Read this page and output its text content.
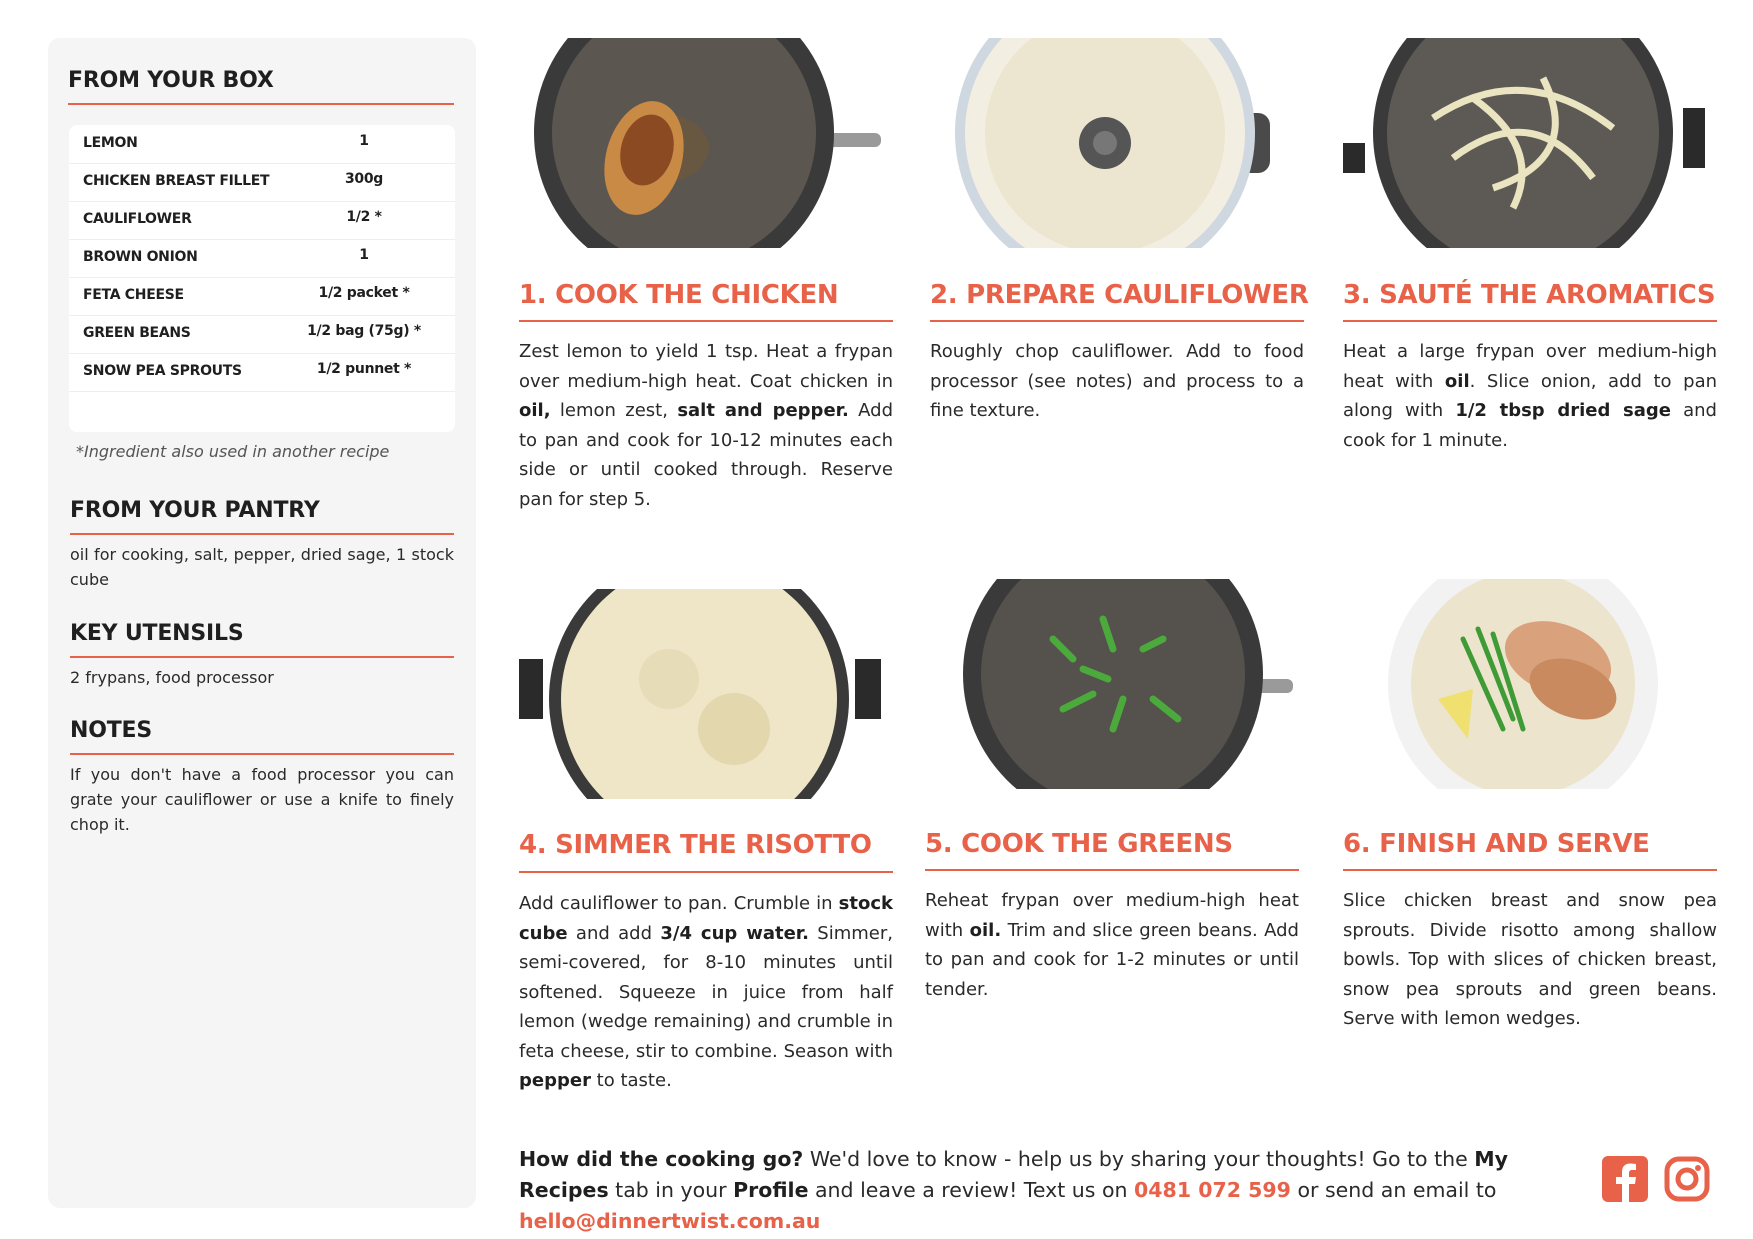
FROM YOUR BOX
LEMON	1
CHICKEN BREAST FILLET	300g
CAULIFLOWER	1/2 *
BROWN ONION	1
FETA CHEESE	1/2 packet *
GREEN BEANS	1/2 bag (75g) *
SNOW PEA SPROUTS	1/2 punnet *
*Ingredient also used in another recipe
FROM YOUR PANTRY
oil for cooking, salt, pepper, dried sage, 1 stock cube
KEY UTENSILS
2 frypans, food processor
NOTES
If you don't have a food processor you can grate your cauliflower or use a knife to finely chop it.
1. COOK THE CHICKEN

Zest lemon to yield 1 tsp. Heat a frypan over medium-high heat. Coat chicken in oil, lemon zest, salt and pepper. Add to pan and cook for 10-12 minutes each side or until cooked through. Reserve pan for step 5.

2. PREPARE CAULIFLOWER

Roughly chop cauliflower. Add to food processor (see notes) and process to a fine texture.

3. SAUTÉ THE AROMATICS

Heat a large frypan over medium-high heat with oil. Slice onion, add to pan along with 1/2 tbsp dried sage and cook for 1 minute.

4. SIMMER THE RISOTTO

Add cauliflower to pan. Crumble in stock cube and add 3/4 cup water. Simmer, semi-covered, for 8-10 minutes until softened. Squeeze in juice from half lemon (wedge remaining) and crumble in feta cheese, stir to combine. Season with pepper to taste.

5. COOK THE GREENS

Reheat frypan over medium-high heat with oil. Trim and slice green beans. Add to pan and cook for 1-2 minutes or until tender.

6. FINISH AND SERVE

Slice chicken breast and snow pea sprouts. Divide risotto among shallow bowls. Top with slices of chicken breast, snow pea sprouts and green beans. Serve with lemon wedges.

How did the cooking go? We'd love to know - help us by sharing your thoughts! Go to the My Recipes tab in your Profile and leave a review! Text us on 0481 072 599 or send an email to hello@dinnertwist.com.au
